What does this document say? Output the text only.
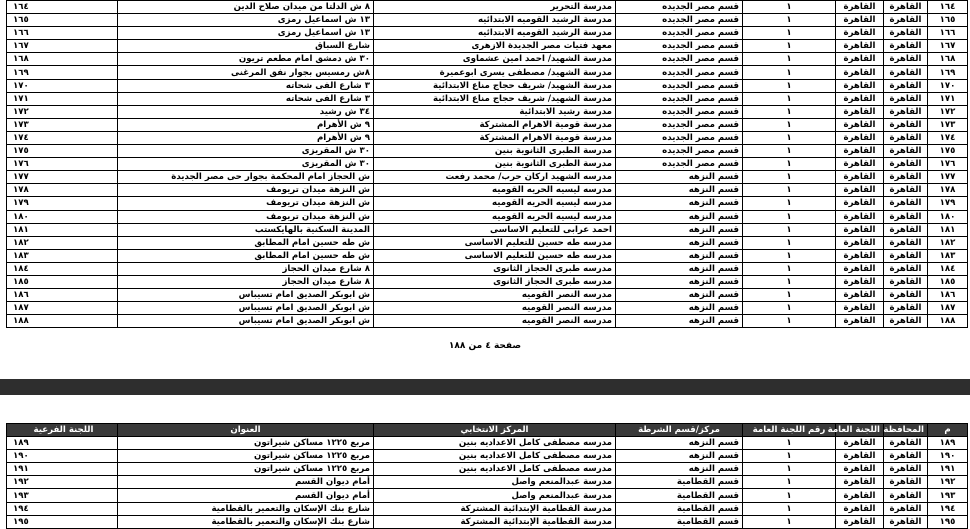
١٦٤	القاهرة	القاهرة	١	قسم مصر الجديده	مدرسة التحرير	٨ ش الدلتا من ميدان صلاح الدين	١٦٤
١٦٥	القاهرة	القاهرة	١	قسم مصر الجديده	مدرسة الرشيد القوميه الابتدائيه	١٣ ش اسماعيل رمزى	١٦٥
١٦٦	القاهرة	القاهرة	١	قسم مصر الجديده	مدرسة الرشيد القوميه الابتدائيه	١٣ ش اسماعيل رمزى	١٦٦
١٦٧	القاهرة	القاهرة	١	قسم مصر الجديده	معهد فتيات مصر الجديدة الازهرى	شارع السباق	١٦٧
١٦٨	القاهرة	القاهرة	١	قسم مصر الجديده	مدرسة الشهيد/ احمد امين عشماوى	٣٠ ش دمشق امام مطعم تريون	١٦٨
١٦٩	القاهرة	القاهرة	١	قسم مصر الجديده	مدرسة الشهيد/ مصطفى يسرى ابوعميرة	٨ش رمسيس بجوار نفق المرغنى	١٦٩
١٧٠	القاهرة	القاهرة	١	قسم مصر الجديده	مدرسة الشهيد/ شريف حجاج مناع الابتدائية	٣ شارع الفى شحاته	١٧٠
١٧١	القاهرة	القاهرة	١	قسم مصر الجديده	مدرسة الشهيد/ شريف حجاج مناع الابتدائية	٣ شارع الفى شحاته	١٧١
١٧٢	القاهرة	القاهرة	١	قسم مصر الجديده	مدرسة رشيد الابتدائية	٣٤ ش رشيد	١٧٢
١٧٣	القاهرة	القاهرة	١	قسم مصر الجديده	مدرسة قومية الاهرام المشتركة	٩ ش الأهرام	١٧٣
١٧٤	القاهرة	القاهرة	١	قسم مصر الجديده	مدرسة قومية الاهرام المشتركة	٩ ش الأهرام	١٧٤
١٧٥	القاهرة	القاهرة	١	قسم مصر الجديده	مدرسة الطبرى الثانوية بنين	٣٠ ش المقريزى	١٧٥
١٧٦	القاهرة	القاهرة	١	قسم مصر الجديده	مدرسة الطبرى الثانوية بنين	٣٠ ش المقريزى	١٧٦
١٧٧	القاهرة	القاهرة	١	قسم النزهه	مدرسه الشهيد اركان حرب/ محمد رفعت	ش الحجاز امام المحكمة بجوار حى مصر الجديدة	١٧٧
١٧٨	القاهرة	القاهرة	١	قسم النزهه	مدرسه ليسيه الحريه القوميه	ش النزهة ميدان تريومف	١٧٨
١٧٩	القاهرة	القاهرة	١	قسم النزهه	مدرسه ليسيه الحريه القوميه	ش النزهة ميدان تريومف	١٧٩
١٨٠	القاهرة	القاهرة	١	قسم النزهه	مدرسه ليسيه الحريه القوميه	ش النزهة ميدان تريومف	١٨٠
١٨١	القاهرة	القاهرة	١	قسم النزهه	احمد عرابى للتعليم الاساسى	المدينة السكنية بالهايكستب	١٨١
١٨٢	القاهرة	القاهرة	١	قسم النزهه	مدرسه طه حسين للتعليم الاساسى	ش طه حسين امام المطابق	١٨٢
١٨٣	القاهرة	القاهرة	١	قسم النزهه	مدرسه طه حسين للتعليم الاساسى	ش طه حسين امام المطابق	١٨٣
١٨٤	القاهرة	القاهرة	١	قسم النزهه	مدرسه طبرى الحجاز الثانوى	٨ شارع ميدان الحجاز	١٨٤
١٨٥	القاهرة	القاهرة	١	قسم النزهه	مدرسه طبرى الحجاز الثانوى	٨ شارع ميدان الحجاز	١٨٥
١٨٦	القاهرة	القاهرة	١	قسم النزهه	مدرسه النصر القوميه	ش ابوبكر الصديق امام تسيباس	١٨٦
١٨٧	القاهرة	القاهرة	١	قسم النزهه	مدرسه النصر القوميه	ش ابوبكر الصديق امام تسيباس	١٨٧
١٨٨	القاهرة	القاهرة	١	قسم النزهه	مدرسه النصر القوميه	ش ابوبكر الصديق امام تسيباس	١٨٨
صفحة ٤ من ١٨٨
م	المحافظة	اللجنة العامة	رقم اللجنة العامة	مركز/قسم الشرطة	المركز الانتخابي	العنوان	اللجنة الفرعية
١٨٩	القاهرة	القاهرة	١	قسم النزهه	مدرسه مصطفى كامل الاعداديه بنين	مربع ١٢٢٥ مساكن شيراتون	١٨٩
١٩٠	القاهرة	القاهرة	١	قسم النزهه	مدرسه مصطفى كامل الاعداديه بنين	مربع ١٢٢٥ مساكن شيراتون	١٩٠
١٩١	القاهرة	القاهرة	١	قسم النزهه	مدرسه مصطفى كامل الاعداديه بنين	مربع ١٢٢٥ مساكن شيراتون	١٩١
١٩٢	القاهرة	القاهرة	١	قسم القطامية	مدرسة عبدالمنعم واصل	أمام ديوان القسم	١٩٢
١٩٣	القاهرة	القاهرة	١	قسم القطامية	مدرسة عبدالمنعم واصل	أمام ديوان القسم	١٩٣
١٩٤	القاهرة	القاهرة	١	قسم القطامية	مدرسة القطامية الإبتدائية المشتركة	شارع بنك الإسكان والتعمير بالقطامية	١٩٤
١٩٥	القاهرة	القاهرة	١	قسم القطامية	مدرسة القطامية الإبتدائية المشتركة	شارع بنك الإسكان والتعمير بالقطامية	١٩٥
